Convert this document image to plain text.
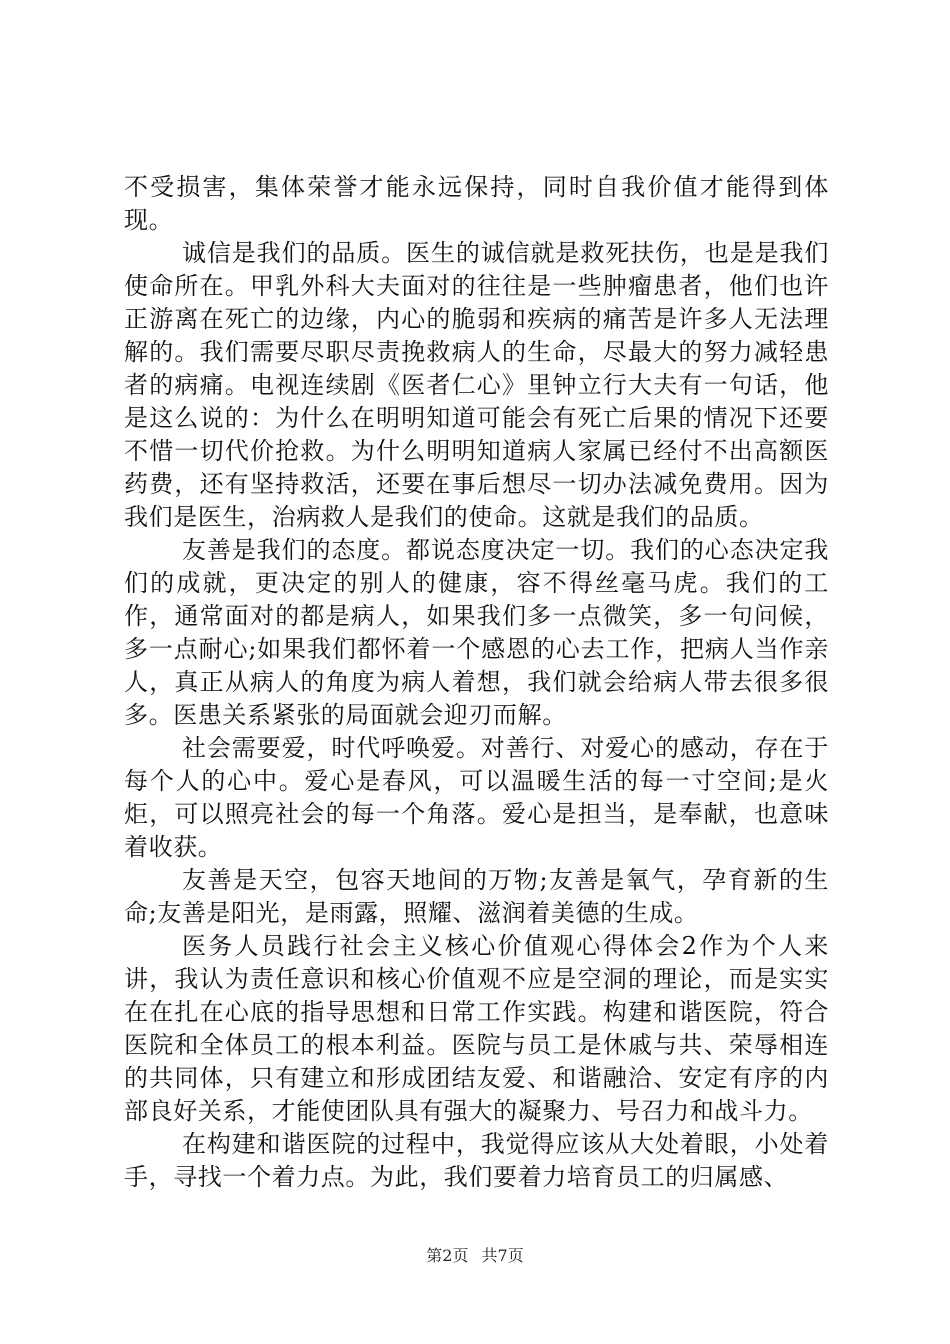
不受损害，集体荣誉才能永远保持，同时自我价值才能得到体现。

诚信是我们的品质。医生的诚信就是救死扶伤，也是是我们使命所在。甲乳外科大夫面对的往往是一些肿瘤患者，他们也许正游离在死亡的边缘，内心的脆弱和疾病的痛苦是许多人无法理解的。我们需要尽职尽责挽救病人的生命，尽最大的努力减轻患者的病痛。电视连续剧《医者仁心》里钟立行大夫有一句话，他是这么说的：为什么在明明知道可能会有死亡后果的情况下还要不惜一切代价抢救。为什么明明知道病人家属已经付不出高额医药费，还有坚持救活，还要在事后想尽一切办法减免费用。因为我们是医生，治病救人是我们的使命。这就是我们的品质。

友善是我们的态度。都说态度决定一切。我们的心态决定我们的成就，更决定的别人的健康，容不得丝毫马虎。我们的工作，通常面对的都是病人，如果我们多一点微笑，多一句问候，多一点耐心;如果我们都怀着一个感恩的心去工作，把病人当作亲人，真正从病人的角度为病人着想，我们就会给病人带去很多很多。医患关系紧张的局面就会迎刃而解。

社会需要爱，时代呼唤爱。对善行、对爱心的感动，存在于每个人的心中。爱心是春风，可以温暖生活的每一寸空间;是火炬，可以照亮社会的每一个角落。爱心是担当，是奉献，也意味着收获。

友善是天空，包容天地间的万物;友善是氧气，孕育新的生命;友善是阳光，是雨露，照耀、滋润着美德的生成。

医务人员践行社会主义核心价值观心得体会2作为个人来讲，我认为责任意识和核心价值观不应是空洞的理论，而是实实在在扎在心底的指导思想和日常工作实践。构建和谐医院，符合医院和全体员工的根本利益。医院与员工是休戚与共、荣辱相连的共同体，只有建立和形成团结友爱、和谐融洽、安定有序的内部良好关系，才能使团队具有强大的凝聚力、号召力和战斗力。

在构建和谐医院的过程中，我觉得应该从大处着眼，小处着手，寻找一个着力点。为此，我们要着力培育员工的归属感、

第2页 共7页
